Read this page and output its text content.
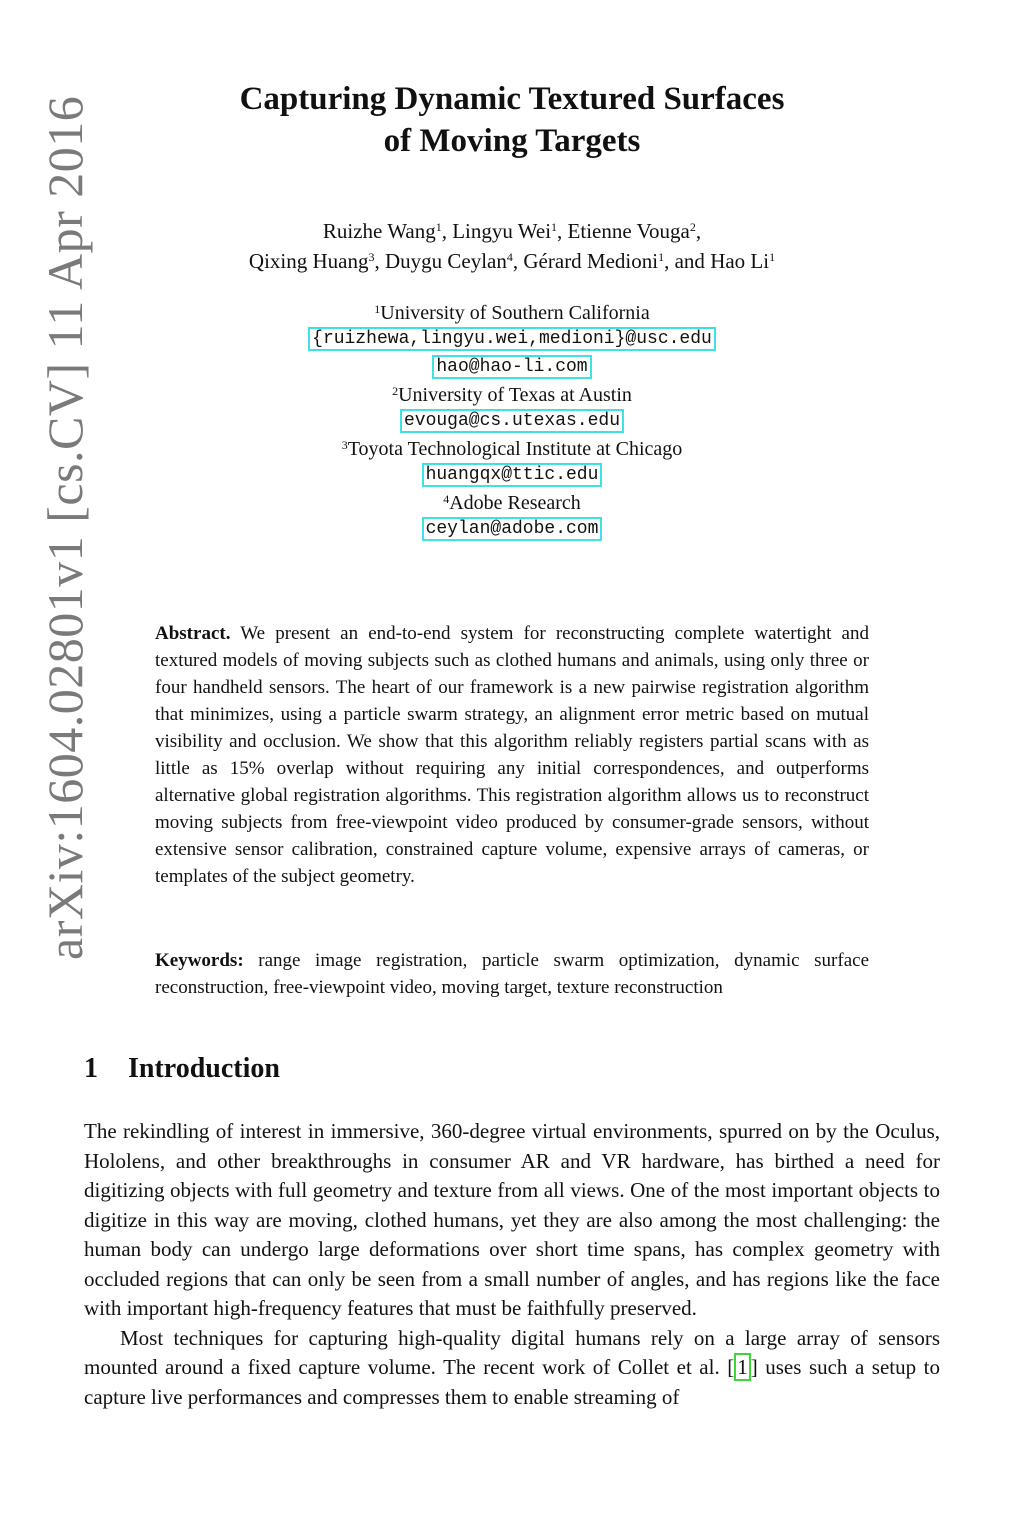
arXiv:1604.02801v1 [cs.CV] 11 Apr 2016	Capturing Dynamic Textured Surfaces
of Moving Targets
Ruizhe Wang$^1$, Lingyu Wei$^1$, Etienne Vouga$^2$,
Qixing Huang$^3$, Duygu Ceylan$^4$, Gérard Medioni$^1$, and Hao Li$^1$
$^1$University of Southern California
{ruizhewa,lingyu.wei,medioni}@usc.edu
hao@hao-li.com
$^2$University of Texas at Austin
evouga@cs.utexas.edu
$^3$Toyota Technological Institute at Chicago
huangqx@ttic.edu
$^4$Adobe Research
ceylan@adobe.com
Abstract. We present an end-to-end system for reconstructing complete watertight and textured models of moving subjects such as clothed humans and animals, using only three or four handheld sensors. The heart of our framework is a new pairwise registration algorithm that minimizes, using a particle swarm strategy, an alignment error metric based on mutual visibility and occlusion. We show that this algorithm reliably registers partial scans with as little as 15% overlap without requiring any initial correspondences, and outperforms alternative global registration algorithms. This registration algorithm allows us to reconstruct moving subjects from free-viewpoint video produced by consumer-grade sensors, without extensive sensor calibration, constrained capture volume, expensive arrays of cameras, or templates of the subject geometry.
Keywords: range image registration, particle swarm optimization, dynamic surface reconstruction, free-viewpoint video, moving target, texture reconstruction
1 Introduction

The rekindling of interest in immersive, 360-degree virtual environments, spurred on by the Oculus, Hololens, and other breakthroughs in consumer AR and VR hardware, has birthed a need for digitizing objects with full geometry and texture from all views. One of the most important objects to digitize in this way are moving, clothed humans, yet they are also among the most challenging: the human body can undergo large deformations over short time spans, has complex geometry with occluded regions that can only be seen from a small number of angles, and has regions like the face with important high-frequency features that must be faithfully preserved.

Most techniques for capturing high-quality digital humans rely on a large array of sensors mounted around a fixed capture volume. The recent work of Collet et al. [ 1 ] uses such a setup to capture live performances and compresses them to enable streaming of
